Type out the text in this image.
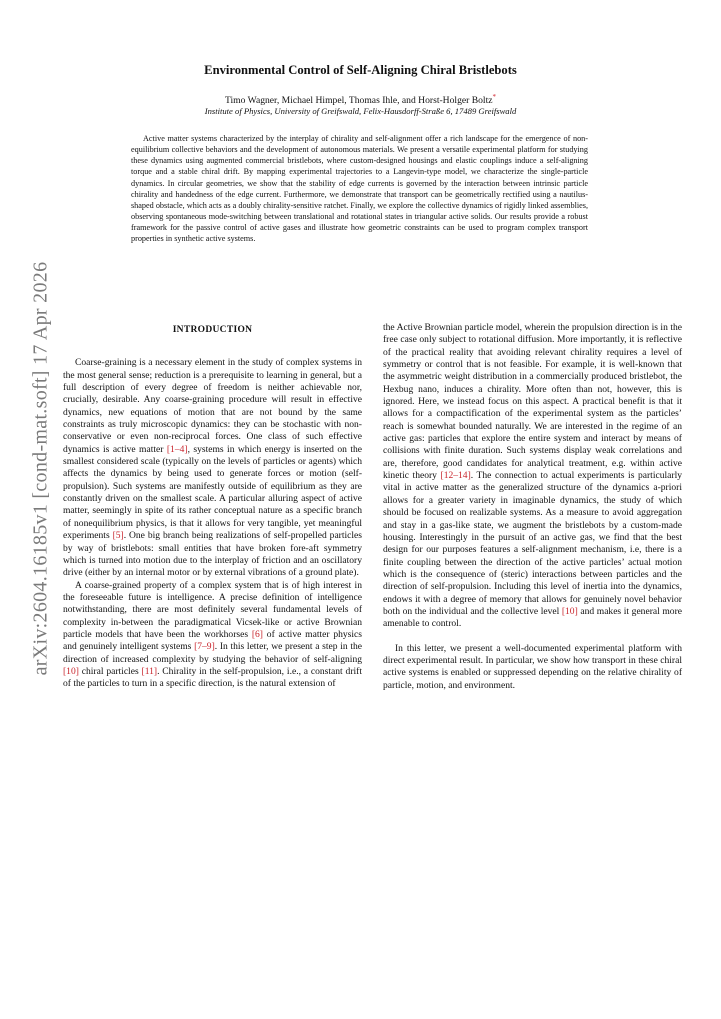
arXiv:2604.16185v1 [cond-mat.soft] 17 Apr 2026
Environmental Control of Self-Aligning Chiral Bristlebots
Timo Wagner, Michael Himpel, Thomas Ihle, and Horst-Holger Boltz*
Institute of Physics, University of Greifswald, Felix-Hausdorff-Straße 6, 17489 Greifswald

Active matter systems characterized by the interplay of chirality and self-alignment offer a rich landscape for the emergence of non-equilibrium collective behaviors and the development of autonomous materials. We present a versatile experimental platform for studying these dynamics using augmented commercial bristlebots, where custom-designed housings and elastic couplings induce a self-aligning torque and a stable chiral drift. By mapping experimental trajectories to a Langevin-type model, we characterize the single-particle dynamics. In circular geometries, we show that the stability of edge currents is governed by the interaction between intrinsic particle chirality and handedness of the edge current. Furthermore, we demonstrate that transport can be geometrically rectified using a nautilus-shaped obstacle, which acts as a doubly chirality-sensitive ratchet. Finally, we explore the collective dynamics of rigidly linked assemblies, observing spontaneous mode-switching between translational and rotational states in triangular active solids. Our results provide a robust framework for the passive control of active gases and illustrate how geometric constraints can be used to program complex transport properties in synthetic active systems.

INTRODUCTION

Coarse-graining is a necessary element in the study of complex systems in the most general sense; reduction is a prerequisite to learning in general, but a full description of every degree of freedom is neither achievable nor, crucially, desirable. Any coarse-graining procedure will result in effective dynamics, new equations of motion that are not bound by the same constraints as truly microscopic dynamics: they can be stochastic with non-conservative or even non-reciprocal forces. One class of such effective dynamics is active matter [1–4], systems in which energy is inserted on the smallest considered scale (typically on the levels of particles or agents) which affects the dynamics by being used to generate forces or motion (self-propulsion). Such systems are manifestly outside of equilibrium as they are constantly driven on the smallest scale. A particular alluring aspect of active matter, seemingly in spite of its rather conceptual nature as a specific branch of nonequilibrium physics, is that it allows for very tangible, yet meaningful experiments [5]. One big branch being realizations of self-propelled particles by way of bristlebots: small entities that have broken fore-aft symmetry which is turned into motion due to the interplay of friction and an oscillatory drive (either by an internal motor or by external vibrations of a ground plate).

A coarse-grained property of a complex system that is of high interest in the foreseeable future is intelligence. A precise definition of intelligence notwithstanding, there are most definitely several fundamental levels of complexity in-between the paradigmatical Vicsek-like or active Brownian particle models that have been the workhorses [6] of active matter physics and genuinely intelligent systems [7–9]. In this letter, we present a step in the direction of increased complexity by studying the behavior of self-aligning [10] chiral particles [11]. Chirality in the self-propulsion, i.e., a constant drift of the particles to turn in a specific direction, is the natural extension of

the Active Brownian particle model, wherein the propulsion direction is in the free case only subject to rotational diffusion. More importantly, it is reflective of the practical reality that avoiding relevant chirality requires a level of symmetry or control that is not feasible. For example, it is well-known that the asymmetric weight distribution in a commercially produced bristlebot, the Hexbug nano, induces a chirality. More often than not, however, this is ignored. Here, we instead focus on this aspect. A practical benefit is that it allows for a compactification of the experimental system as the particles’ reach is somewhat bounded naturally. We are interested in the regime of an active gas: particles that explore the entire system and interact by means of collisions with finite duration. Such systems display weak correlations and are, therefore, good candidates for analytical treatment, e.g. within active kinetic theory [12–14]. The connection to actual experiments is particularly vital in active matter as the generalized structure of the dynamics a-priori allows for a greater variety in imaginable dynamics, the study of which should be focused on realizable systems. As a measure to avoid aggregation and stay in a gas-like state, we augment the bristlebots by a custom-made housing. Interestingly in the pursuit of an active gas, we find that the best design for our purposes features a self-alignment mechanism, i.e, there is a finite coupling between the direction of the active particles’ actual motion which is the consequence of (steric) interactions between particles and the direction of self-propulsion. Including this level of inertia into the dynamics, endows it with a degree of memory that allows for genuinely novel behavior both on the individual and the collective level [10] and makes it general more amenable to control.

In this letter, we present a well-documented experimental platform with direct experimental result. In particular, we show how transport in these chiral active systems is enabled or suppressed depending on the relative chirality of particle, motion, and environment.
